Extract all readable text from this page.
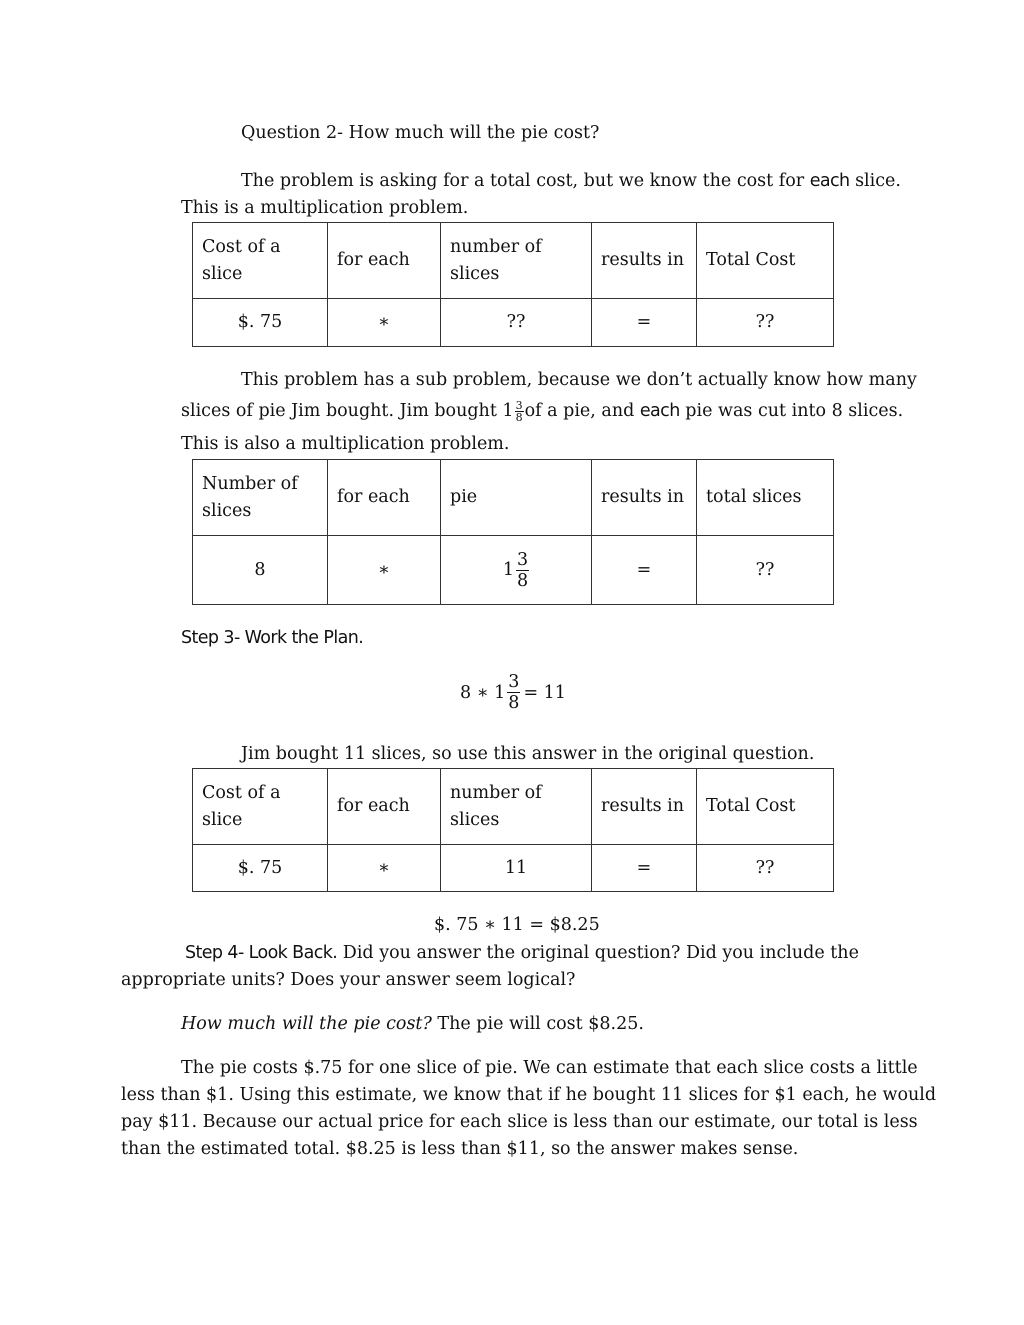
Question 2- How much will the pie cost?
The problem is asking for a total cost, but we know the cost for each slice.
This is a multiplication problem.
Cost of a slice	for each	number of slices	results in	Total Cost
$. 75	∗	??	=	??
This problem has a sub problem, because we don’t actually know how many
slices of pie Jim bought. Jim bought $1 \frac{3}{8}$ of a pie, and each pie was cut into 8 slices.
This is also a multiplication problem.
Number of slices	for each	pie	results in	total slices
8	∗	$1 \frac{3}{8}$	=	??
Step 3- Work the Plan.
8 ∗ $1 \frac{3}{8} = 11$
Jim bought 11 slices, so use this answer in the original question.
Cost of a slice	for each	number of slices	results in	Total Cost
$. 75	∗	11	=	??
$. 75 ∗ 11 = $8.25
Step 4- Look Back. Did you answer the original question? Did you include the
appropriate units? Does your answer seem logical?
How much will the pie cost? The pie will cost $8.25.
The pie costs $.75 for one slice of pie. We can estimate that each slice costs a little
less than $1. Using this estimate, we know that if he bought 11 slices for $1 each, he would
pay $11. Because our actual price for each slice is less than our estimate, our total is less
than the estimated total. $8.25 is less than $11, so the answer makes sense.
